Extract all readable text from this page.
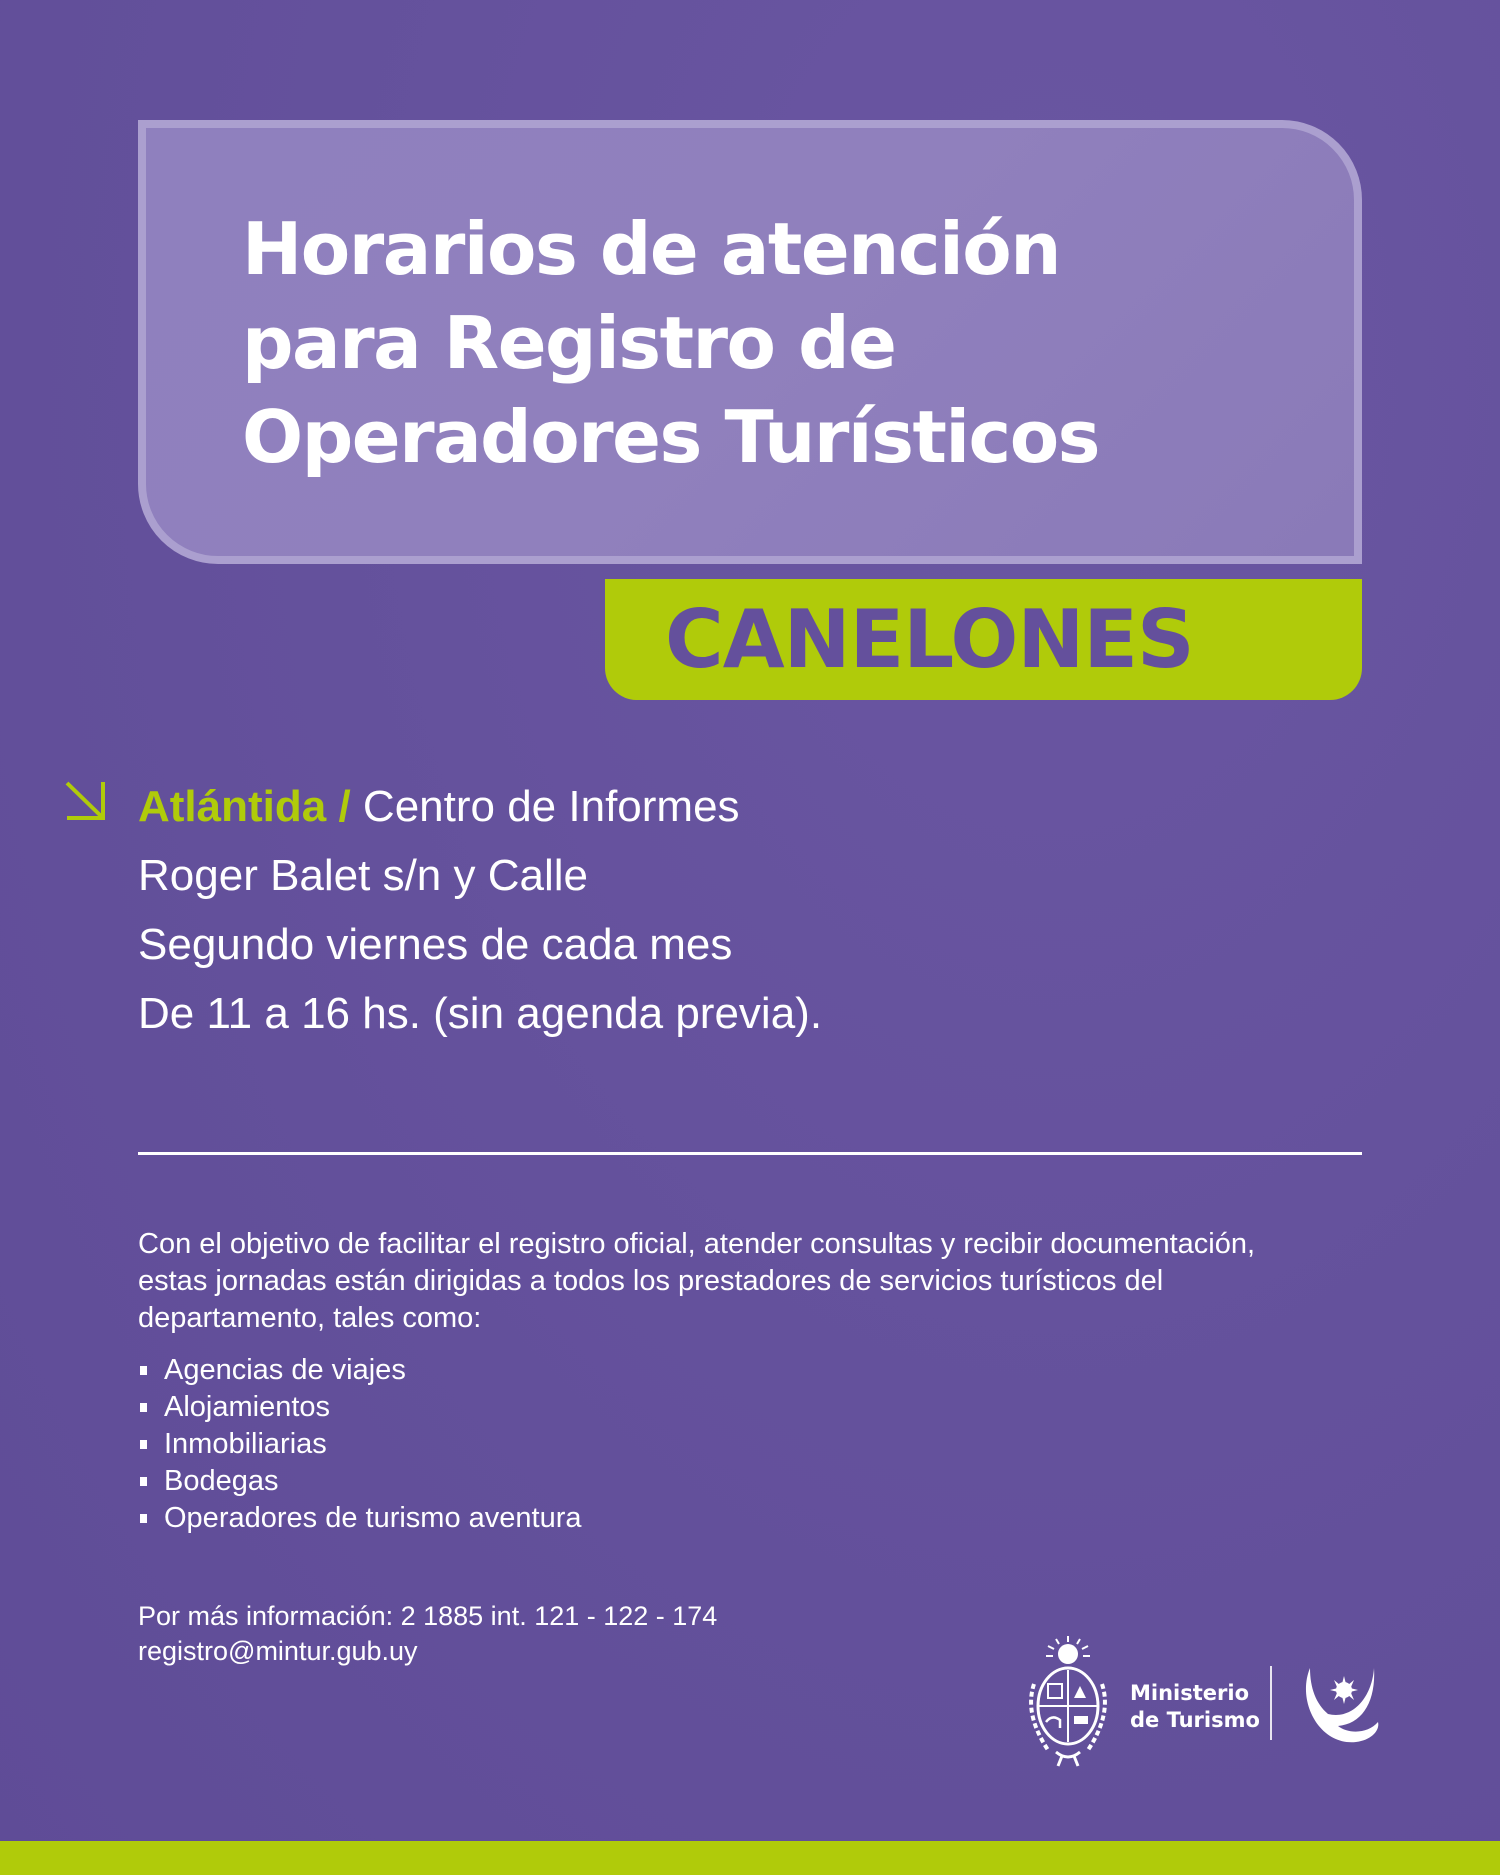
Horarios de atención
para Registro de
Operadores Turísticos
CANELONES
Atlántida / Centro de Informes
Roger Balet s/n y Calle
Segundo viernes de cada mes
De 11 a 16 hs. (sin agenda previa).

Con el objetivo de facilitar el registro oficial, atender consultas y recibir documentación, estas jornadas están dirigidas a todos los prestadores de servicios turísticos del departamento, tales como:

Agencias de viajes
Alojamientos
Inmobiliarias
Bodegas
Operadores de turismo aventura
Por más información: 2 1885 int. 121 - 122 - 174
registro@mintur.gub.uy
Ministerio
de Turismo
